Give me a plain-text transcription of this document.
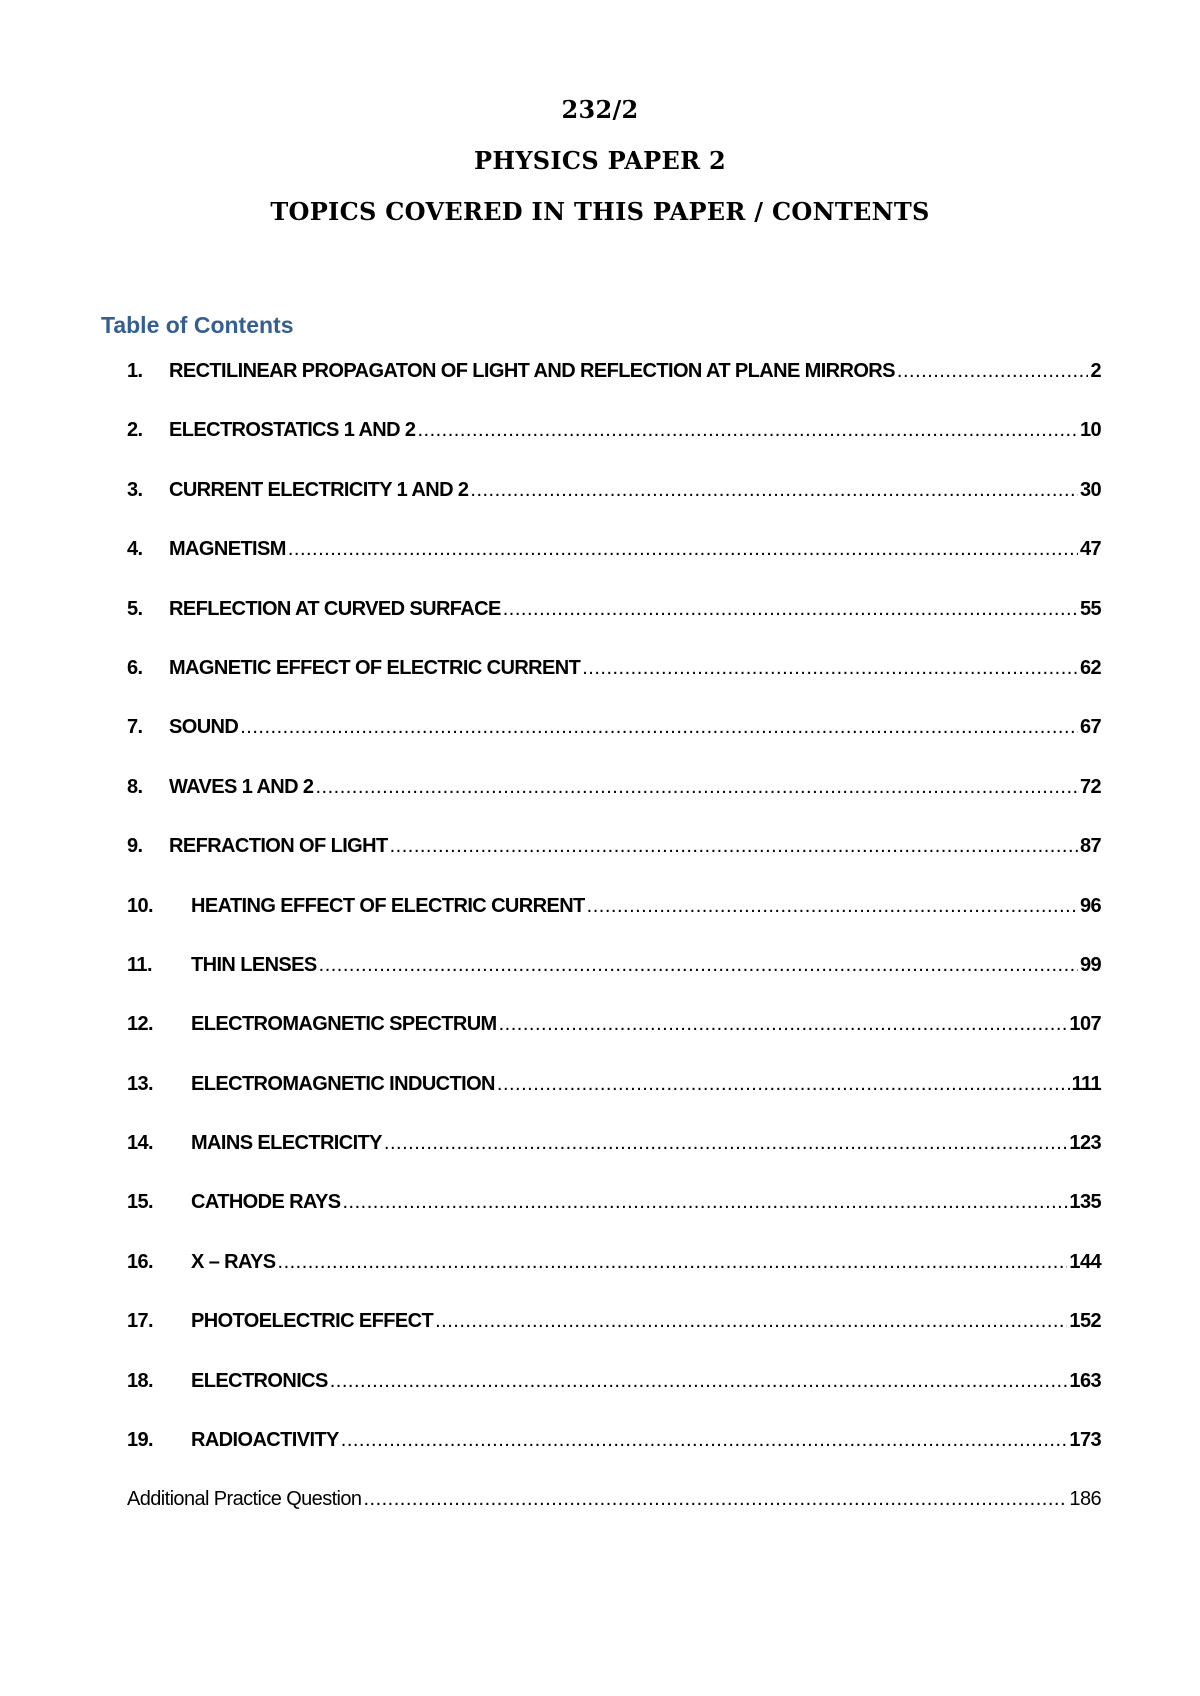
232/2
PHYSICS PAPER 2
TOPICS COVERED IN THIS PAPER / CONTENTS
Table of Contents
1.	RECTILINEAR PROPAGATON OF LIGHT AND REFLECTION AT PLANE MIRRORS .....	2
2.	ELECTROSTATICS 1 AND 2 .....	10
3.	CURRENT ELECTRICITY 1 AND 2 .....	30
4.	MAGNETISM .....	47
5.	REFLECTION AT CURVED SURFACE .....	55
6.	MAGNETIC EFFECT OF ELECTRIC CURRENT .....	62
7.	SOUND .....	67
8.	WAVES 1 AND 2 .....	72
9.	REFRACTION OF LIGHT .....	87
10.	HEATING EFFECT OF ELECTRIC CURRENT .....	96
11.	THIN LENSES .....	99
12.	ELECTROMAGNETIC SPECTRUM .....	107
13.	ELECTROMAGNETIC INDUCTION .....	111
14.	MAINS ELECTRICITY .....	123
15.	CATHODE RAYS .....	135
16.	X – RAYS .....	144
17.	PHOTOELECTRIC EFFECT .....	152
18.	ELECTRONICS .....	163
19.	RADIOACTIVITY .....	173
Additional Practice Question .....	186
